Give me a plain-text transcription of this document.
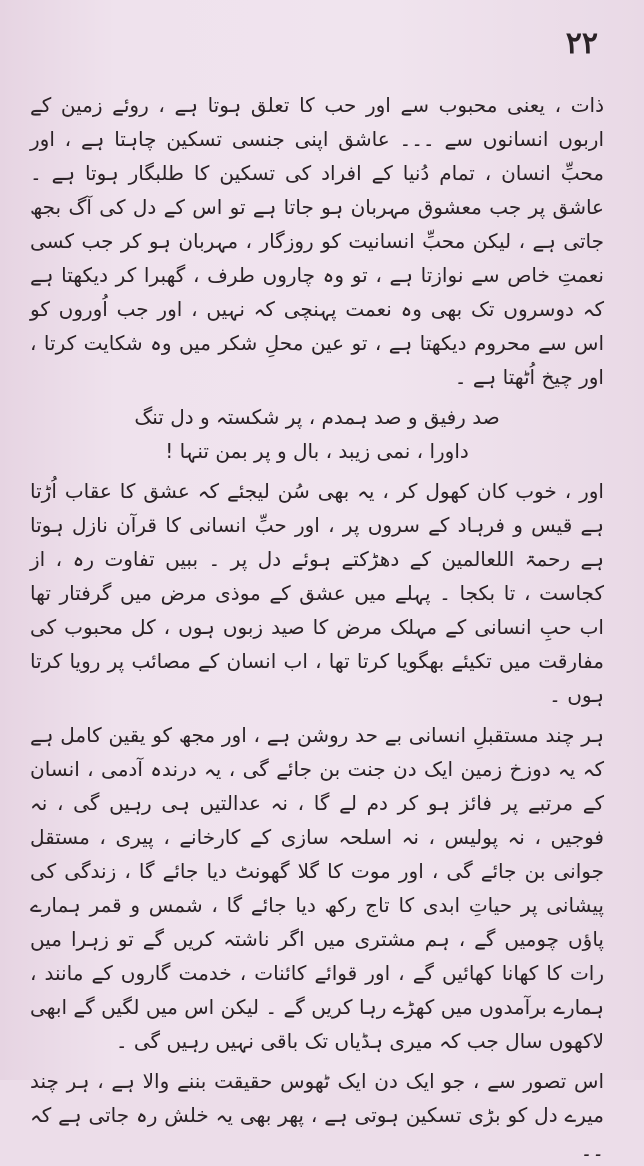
۲۲

ذات ، یعنی محبوب سے اور حب کا تعلق ہوتا ہے ، روئے زمین کے اربوں انسانوں سے ۔۔۔ عاشق اپنی جنسی تسکین چاہتا ہے ، اور محبِّ انسان ، تمام دُنیا کے افراد کی تسکین کا طلبگار ہوتا ہے ۔ عاشق پر جب معشوق مہربان ہو جاتا ہے تو اس کے دل کی آگ بجھ جاتی ہے ، لیکن محبِّ انسانیت کو روزگار ، مہربان ہو کر جب کسی نعمتِ خاص سے نوازتا ہے ، تو وہ چاروں طرف ، گھبرا کر دیکھتا ہے کہ دوسروں تک بھی وہ نعمت پہنچی کہ نہیں ، اور جب اُوروں کو اس سے محروم دیکھتا ہے ، تو عین محلِ شکر میں وہ شکایت کرتا ، اور چیخ اُٹھتا ہے ۔

صد رفیق و صد ہمدم ، پر شکستہ و دل تنگ

داورا ، نمی زیبد ، بال و پر بمن تنہا !

اور ، خوب کان کھول کر ، یہ بھی سُن لیجئے کہ عشق کا عقاب اُڑتا ہے قیس و فرہاد کے سروں پر ، اور حبِّ انسانی کا قرآن نازل ہوتا ہے رحمۃ اللعالمین کے دھڑکتے ہوئے دل پر ۔ ببیں تفاوت رہ ، از کجاست ، تا بکجا ۔ پہلے میں عشق کے موذی مرض میں گرفتار تھا اب حبِ انسانی کے مہلک مرض کا صید زبوں ہوں ، کل محبوب کی مفارقت میں تکیئے بھگویا کرتا تھا ، اب انسان کے مصائب پر رویا کرتا ہوں ۔

ہر چند مستقبلِ انسانی بے حد روشن ہے ، اور مجھ کو یقین کامل ہے کہ یہ دوزخ زمین ایک دن جنت بن جائے گی ، یہ درندہ آدمی ، انسان کے مرتبے پر فائز ہو کر دم لے گا ، نہ عدالتیں ہی رہیں گی ، نہ فوجیں ، نہ پولیس ، نہ اسلحہ سازی کے کارخانے ، پیری ، مستقل جوانی بن جائے گی ، اور موت کا گلا گھونٹ دیا جائے گا ، زندگی کی پیشانی پر حیاتِ ابدی کا تاج رکھ دیا جائے گا ، شمس و قمر ہمارے پاؤں چومیں گے ، ہم مشتری میں اگر ناشتہ کریں گے تو زہرا میں رات کا کھانا کھائیں گے ، اور قوائے کائنات ، خدمت گاروں کے مانند ، ہمارے برآمدوں میں کھڑے رہا کریں گے ۔ لیکن اس میں لگیں گے ابھی لاکھوں سال جب کہ میری ہڈیاں تک باقی نہیں رہیں گی ۔

اس تصور سے ، جو ایک دن ایک ٹھوس حقیقت بننے والا ہے ، ہر چند میرے دل کو بڑی تسکین ہوتی ہے ، پھر بھی یہ خلش رہ جاتی ہے کہ ۔۔
